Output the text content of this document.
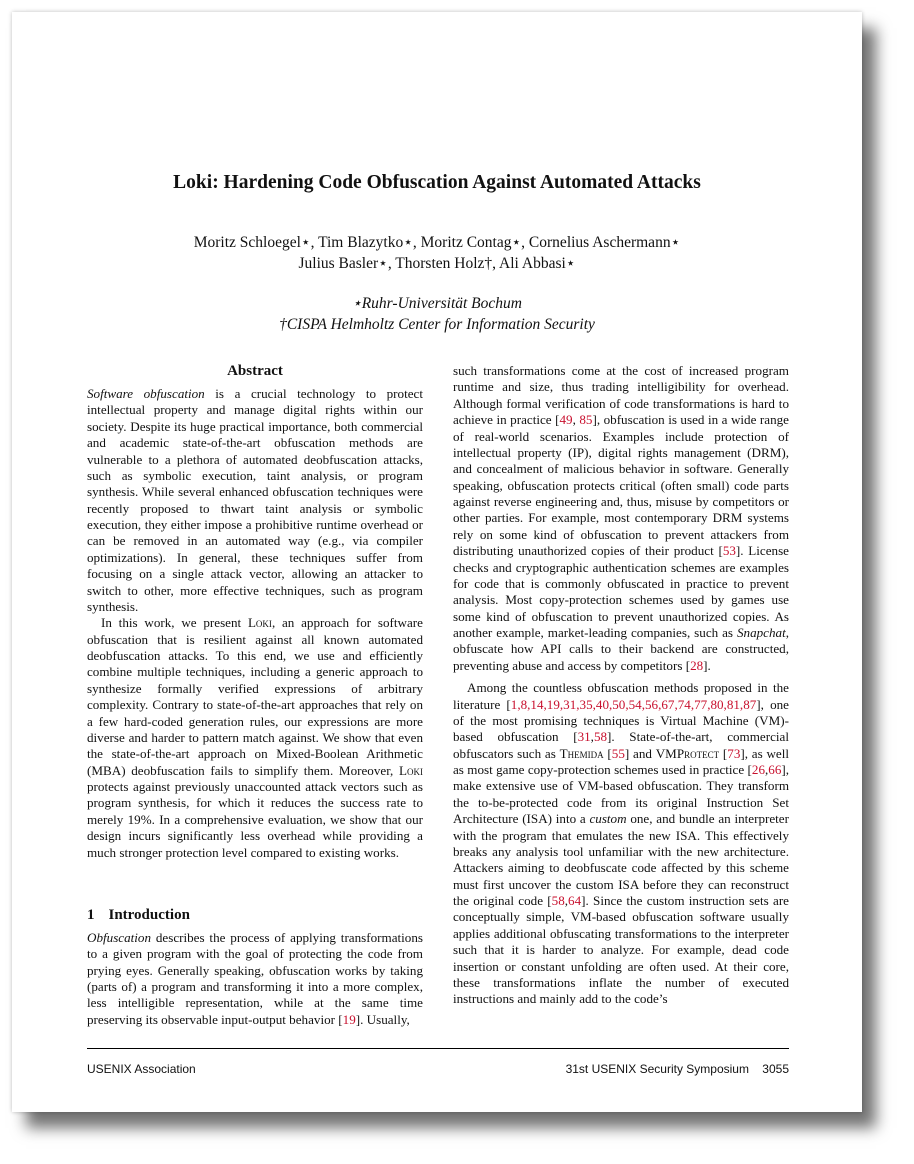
Loki: Hardening Code Obfuscation Against Automated Attacks
Moritz Schloegel⋆, Tim Blazytko⋆, Moritz Contag⋆, Cornelius Aschermann⋆
Julius Basler⋆, Thorsten Holz†, Ali Abbasi⋆
⋆Ruhr-Universität Bochum
†CISPA Helmholtz Center for Information Security
Abstract

Software obfuscation is a crucial technology to protect intellectual property and manage digital rights within our society. Despite its huge practical importance, both commercial and academic state-of-the-art obfuscation methods are vulnerable to a plethora of automated deobfuscation attacks, such as symbolic execution, taint analysis, or program synthesis. While several enhanced obfuscation techniques were recently proposed to thwart taint analysis or symbolic execution, they either impose a prohibitive runtime overhead or can be removed in an automated way (e.g., via compiler optimizations). In general, these techniques suffer from focusing on a single attack vector, allowing an attacker to switch to other, more effective techniques, such as program synthesis.

In this work, we present Loki, an approach for software obfuscation that is resilient against all known automated deobfuscation attacks. To this end, we use and efficiently combine multiple techniques, including a generic approach to synthesize formally verified expressions of arbitrary complexity. Contrary to state-of-the-art approaches that rely on a few hard-coded generation rules, our expressions are more diverse and harder to pattern match against. We show that even the state-of-the-art approach on Mixed-Boolean Arithmetic (MBA) deobfuscation fails to simplify them. Moreover, Loki protects against previously unaccounted attack vectors such as program synthesis, for which it reduces the success rate to merely 19%. In a comprehensive evaluation, we show that our design incurs significantly less overhead while providing a much stronger protection level compared to existing works.

1 Introduction

Obfuscation describes the process of applying transformations to a given program with the goal of protecting the code from prying eyes. Generally speaking, obfuscation works by taking (parts of) a program and transforming it into a more complex, less intelligible representation, while at the same time preserving its observable input-output behavior [19]. Usually,

such transformations come at the cost of increased program runtime and size, thus trading intelligibility for overhead. Although formal verification of code transformations is hard to achieve in practice [49, 85], obfuscation is used in a wide range of real-world scenarios. Examples include protection of intellectual property (IP), digital rights management (DRM), and concealment of malicious behavior in software. Generally speaking, obfuscation protects critical (often small) code parts against reverse engineering and, thus, misuse by competitors or other parties. For example, most contemporary DRM systems rely on some kind of obfuscation to prevent attackers from distributing unauthorized copies of their product [53]. License checks and cryptographic authentication schemes are examples for code that is commonly obfuscated in practice to prevent analysis. Most copy-protection schemes used by games use some kind of obfuscation to prevent unauthorized copies. As another example, market-leading companies, such as Snapchat, obfuscate how API calls to their backend are constructed, preventing abuse and access by competitors [28].

Among the countless obfuscation methods proposed in the literature [1,8,14,19,31,35,40,50,54,56,67,74,77,80,81,87], one of the most promising techniques is Virtual Machine (VM)-based obfuscation [31,58]. State-of-the-art, commercial obfuscators such as Themida [55] and VMProtect [73], as well as most game copy-protection schemes used in practice [26,66], make extensive use of VM-based obfuscation. They transform the to-be-protected code from its original Instruction Set Architecture (ISA) into a custom one, and bundle an interpreter with the program that emulates the new ISA. This effectively breaks any analysis tool unfamiliar with the new architecture. Attackers aiming to deobfuscate code affected by this scheme must first uncover the custom ISA before they can reconstruct the original code [58,64]. Since the custom instruction sets are conceptually simple, VM-based obfuscation software usually applies additional obfuscating transformations to the interpreter such that it is harder to analyze. For example, dead code insertion or constant unfolding are often used. At their core, these transformations inflate the number of executed instructions and mainly add to the code’s

USENIX Association	31st USENIX Security Symposium    3055
